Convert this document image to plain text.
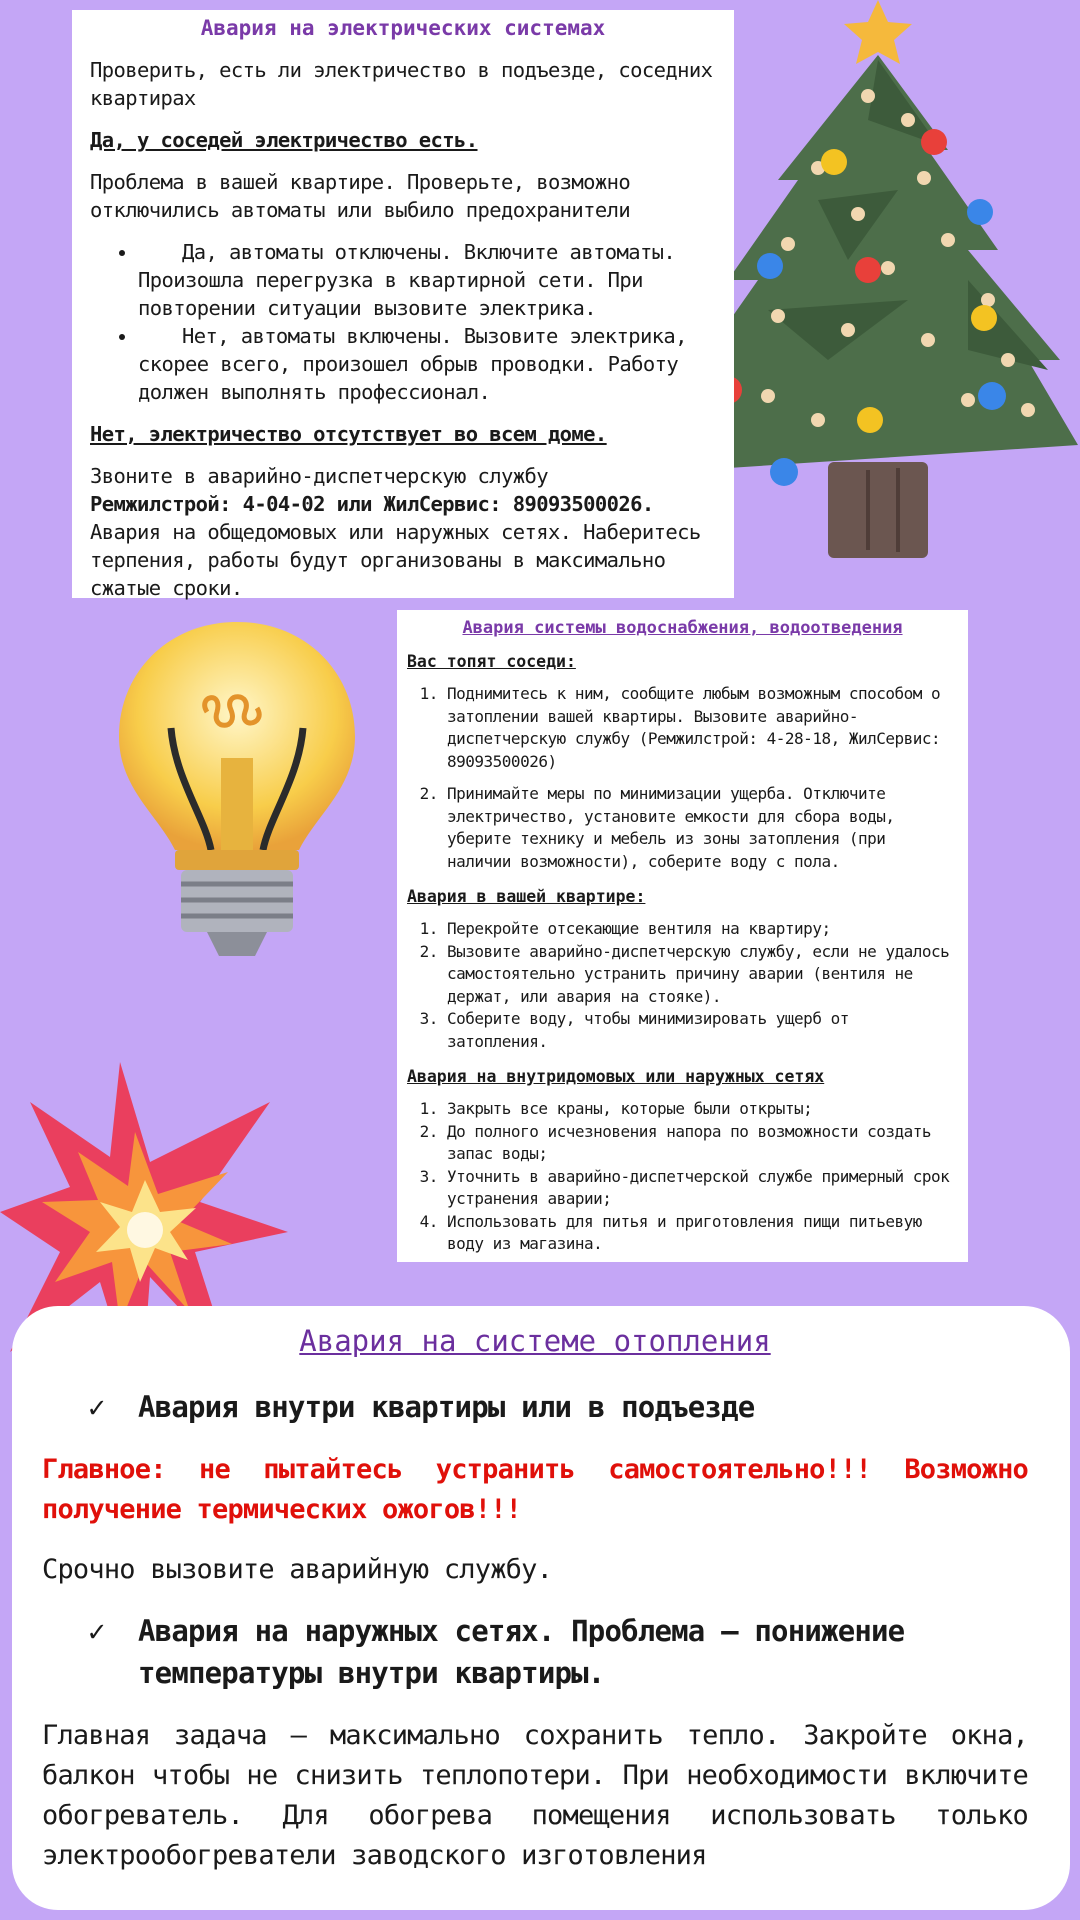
Авария на электрических системах

Проверить, есть ли электричество в подъезде, соседних квартирах

Да, у соседей электричество есть.

Проблема в вашей квартире. Проверьте, возможно отключились автоматы или выбило предохранители

• Да, автоматы отключены. Включите автоматы. Произошла перегрузка в квартирной сети. При повторении ситуации вызовите электрика.
• Нет, автоматы включены. Вызовите электрика, скорее всего, произошел обрыв проводки. Работу должен выполнять профессионал.

Нет, электричество отсутствует во всем доме.

Звоните в аварийно-диспетчерскую службу
Ремжилстрой: 4-04-02 или ЖилСервис: 89093500026.
Авария на общедомовых или наружных сетях. Наберитесь терпения, работы будут организованы в максимально сжатые сроки.

Авария системы водоснабжения, водоотведения
Вас топят соседи:
1. Поднимитесь к ним, сообщите любым возможным способом о затоплении вашей квартиры. Вызовите аварийно-диспетчерскую службу (Ремжилстрой: 4-28-18, ЖилСервис: 89093500026)
2. Принимайте меры по минимизации ущерба. Отключите электричество, установите емкости для сбора воды, уберите технику и мебель из зоны затопления (при наличии возможности), соберите воду с пола.
Авария в вашей квартире:
1. Перекройте отсекающие вентиля на квартиру;
2. Вызовите аварийно-диспетчерскую службу, если не удалось самостоятельно устранить причину аварии (вентиля не держат, или авария на стояке).
3. Соберите воду, чтобы минимизировать ущерб от затопления.
Авария на внутридомовых или наружных сетях
1. Закрыть все краны, которые были открыты;
2. До полного исчезновения напора по возможности создать запас воды;
3. Уточнить в аварийно-диспетчерской службе примерный срок устранения аварии;
4. Использовать для питья и приготовления пищи питьевую воду из магазина.
Авария на системе отопления
✓	Авария внутри квартиры или в подъезде
Главное: не пытайтесь устранить самостоятельно!!! Возможно получение термических ожогов!!!
Срочно вызовите аварийную службу.
✓	Авария на наружных сетях. Проблема – понижение температуры внутри квартиры.
Главная задача – максимально сохранить тепло. Закройте окна, балкон чтобы не снизить теплопотери. При необходимости включите обогреватель. Для обогрева помещения использовать только электрообогреватели заводского изготовления
